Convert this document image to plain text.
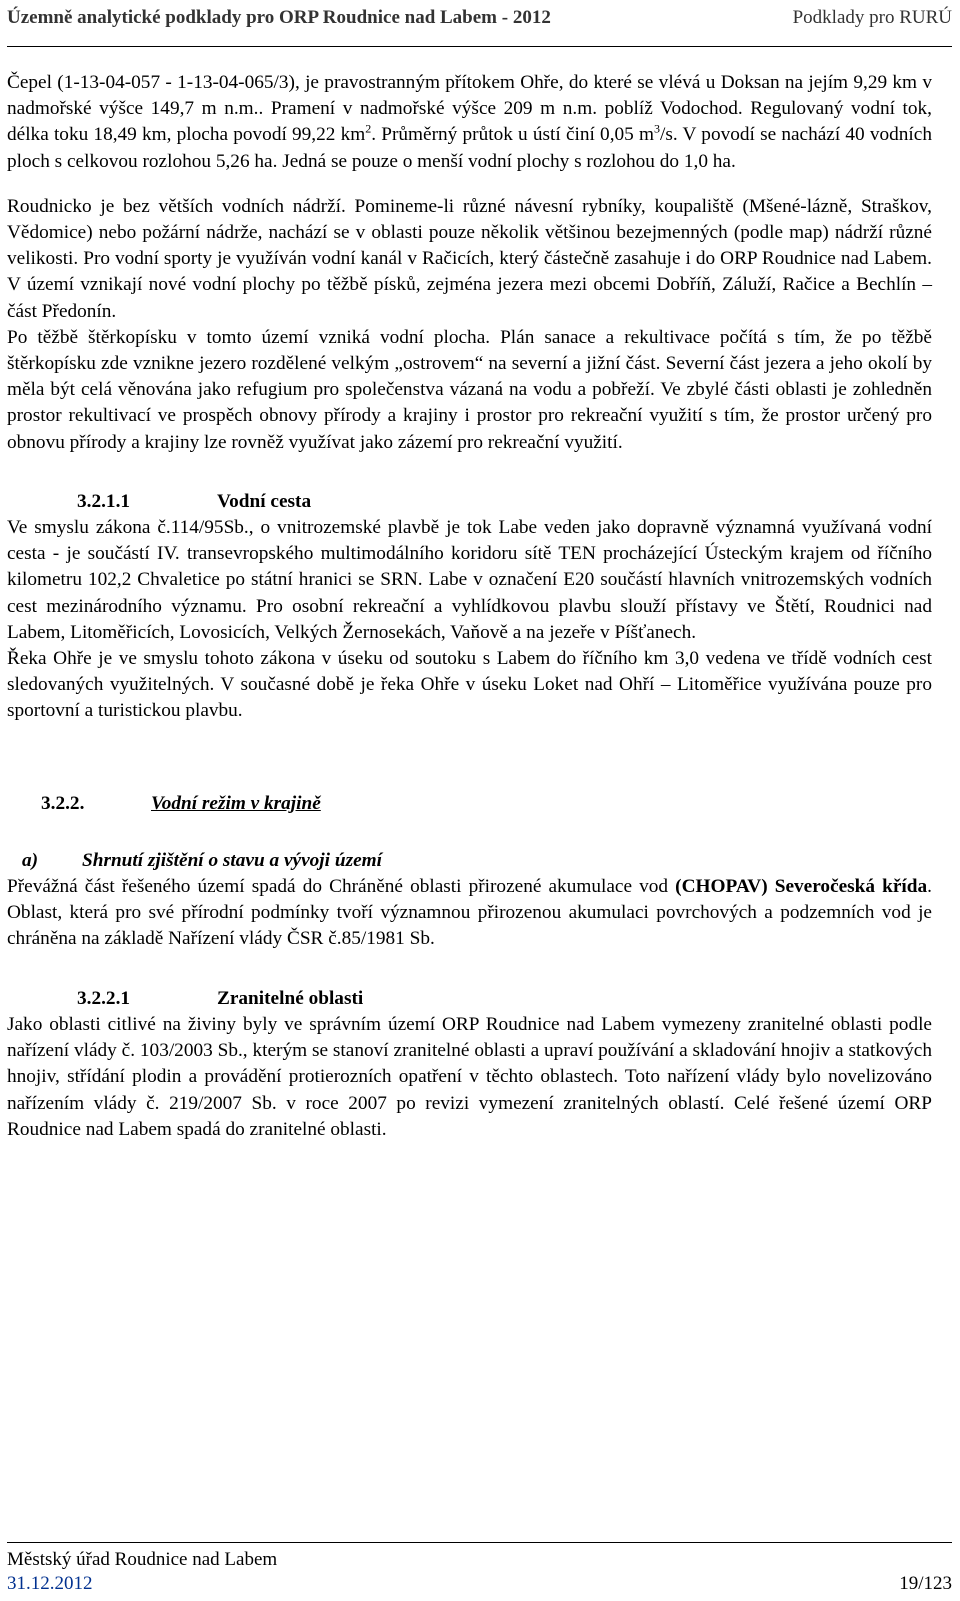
Územně analytické podklady pro ORP Roudnice nad Labem - 2012	Podklady pro RURÚ

Čepel (1-13-04-057 - 1-13-04-065/3), je pravostranným přítokem Ohře, do které se vlévá u Doksan na jejím 9,29 km v nadmořské výšce 149,7 m n.m.. Pramení v nadmořské výšce 209 m n.m. poblíž Vodochod. Regulovaný vodní tok, délka toku 18,49 km, plocha povodí 99,22 $km^2$. Průměrný průtok u ústí činí 0,05 $m^3/s$. V povodí se nachází 40 vodních ploch s celkovou rozlohou 5,26 ha. Jedná se pouze o menší vodní plochy s rozlohou do 1,0 ha.

Roudnicko je bez větších vodních nádrží. Pomineme-li různé návesní rybníky, koupaliště (Mšené-lázně, Straškov, Vědomice) nebo požární nádrže, nachází se v oblasti pouze několik většinou bezejmenných (podle map) nádrží různé velikosti. Pro vodní sporty je využíván vodní kanál v Račicích, který částečně zasahuje i do ORP Roudnice nad Labem. V území vznikají nové vodní plochy po těžbě písků, zejména jezera mezi obcemi Dobříň, Záluží, Račice a Bechlín – část Předonín.

Po těžbě štěrkopísku v tomto území vzniká vodní plocha. Plán sanace a rekultivace počítá s tím, že po těžbě štěrkopísku zde vznikne jezero rozdělené velkým „ostrovem“ na severní a jižní část. Severní část jezera a jeho okolí by měla být celá věnována jako refugium pro společenstva vázaná na vodu a pobřeží. Ve zbylé části oblasti je zohledněn prostor rekultivací ve prospěch obnovy přírody a krajiny i prostor pro rekreační využití s tím, že prostor určený pro obnovu přírody a krajiny lze rovněž využívat jako zázemí pro rekreační využití.

3.2.1.1	Vodní cesta

Ve smyslu zákona č.114/95Sb., o vnitrozemské plavbě je tok Labe veden jako dopravně významná využívaná vodní cesta - je součástí IV. transevropského multimodálního koridoru sítě TEN procházející Ústeckým krajem od říčního kilometru 102,2 Chvaletice po státní hranici se SRN. Labe v označení E20 součástí hlavních vnitrozemských vodních cest mezinárodního významu. Pro osobní rekreační a vyhlídkovou plavbu slouží přístavy ve Štětí, Roudnici nad Labem, Litoměřicích, Lovosicích, Velkých Žernosekách, Vaňově a na jezeře v Píšťanech.

Řeka Ohře je ve smyslu tohoto zákona v úseku od soutoku s Labem do říčního km 3,0 vedena ve třídě vodních cest sledovaných využitelných. V současné době je řeka Ohře v úseku Loket nad Ohří – Litoměřice využívána pouze pro sportovní a turistickou plavbu.

3.2.2.	Vodní režim v krajině
a) Shrnutí zjištění o stavu a vývoji území

Převážná část řešeného území spadá do Chráněné oblasti přirozené akumulace vod (CHOPAV) Severočeská křída. Oblast, která pro své přírodní podmínky tvoří významnou přirozenou akumulaci povrchových a podzemních vod je chráněna na základě Nařízení vlády ČSR č.85/1981 Sb.

3.2.2.1	Zranitelné oblasti

Jako oblasti citlivé na živiny byly ve správním území ORP Roudnice nad Labem vymezeny zranitelné oblasti podle nařízení vlády č. 103/2003 Sb., kterým se stanoví zranitelné oblasti a upraví používání a skladování hnojiv a statkových hnojiv, střídání plodin a provádění protierozních opatření v těchto oblastech. Toto nařízení vlády bylo novelizováno nařízením vlády č. 219/2007 Sb. v roce 2007 po revizi vymezení zranitelných oblastí. Celé řešené území ORP Roudnice nad Labem spadá do zranitelné oblasti.

Městský úřad Roudnice nad Labem
31.12.2012	19/123
